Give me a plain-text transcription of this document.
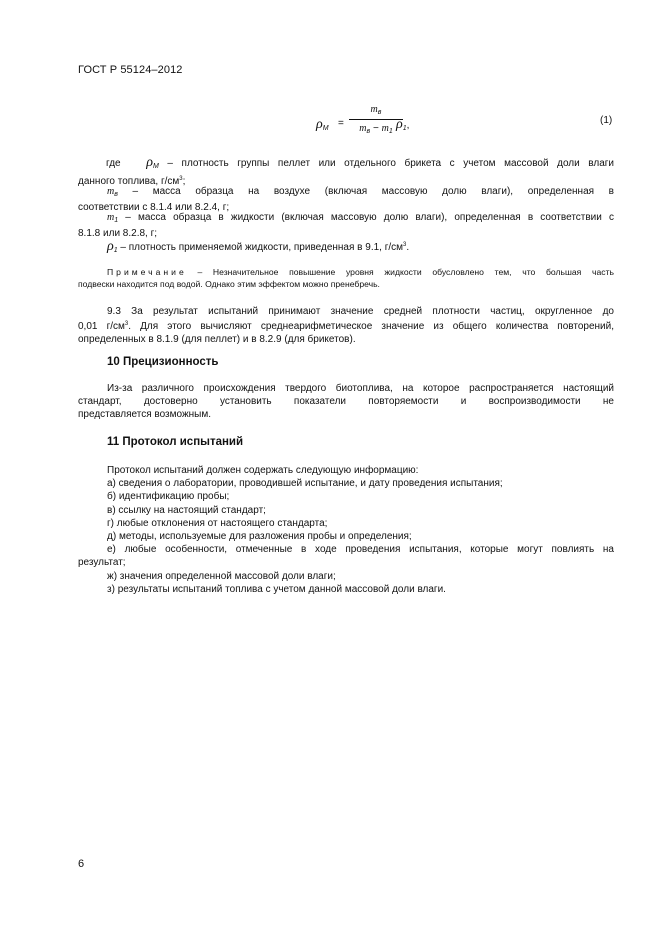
ГОСТ Р 55124–2012
$\rho_М$ =
$m_в$
$m_в - m_1$ $\rho_1$,	(1)
где $\rho_М$ – плотность группы пеллет или отдельного брикета с учетом массовой доли влаги
данного топлива, $г/см^3$;
$m_в$ – масса образца на воздухе (включая массовую долю влаги), определенная в
соответствии с 8.1.4 или 8.2.4, г;
$m_1$ – масса образца в жидкости (включая массовую долю влаги), определенная в соответствии с
8.1.8 или 8.2.8, г;
$\rho_1$ – плотность применяемой жидкости, приведенная в 9.1, $г/см^3$.
Примечание – Незначительное повышение уровня жидкости обусловлено тем, что большая часть
подвески находится под водой. Однако этим эффектом можно пренебречь.
9.3 За результат испытаний принимают значение средней плотности частиц, округленное до
0,01 $г/см^3$. Для этого вычисляют среднеарифметическое значение из общего количества повторений,
определенных в 8.1.9 (для пеллет) и в 8.2.9 (для брикетов).
10 Прецизионность
Из-за различного происхождения твердого биотоплива, на которое распространяется настоящий
стандарт, достоверно установить показатели повторяемости и воспроизводимости не
представляется возможным.
11 Протокол испытаний
Протокол испытаний должен содержать следующую информацию:
а) сведения о лаборатории, проводившей испытание, и дату проведения испытания;
б) идентификацию пробы;
в) ссылку на настоящий стандарт;
г) любые отклонения от настоящего стандарта;
д) методы, используемые для разложения пробы и определения;
е) любые особенности, отмеченные в ходе проведения испытания, которые могут повлиять на
результат;
ж) значения определенной массовой доли влаги;
з) результаты испытаний топлива с учетом данной массовой доли влаги.
6
